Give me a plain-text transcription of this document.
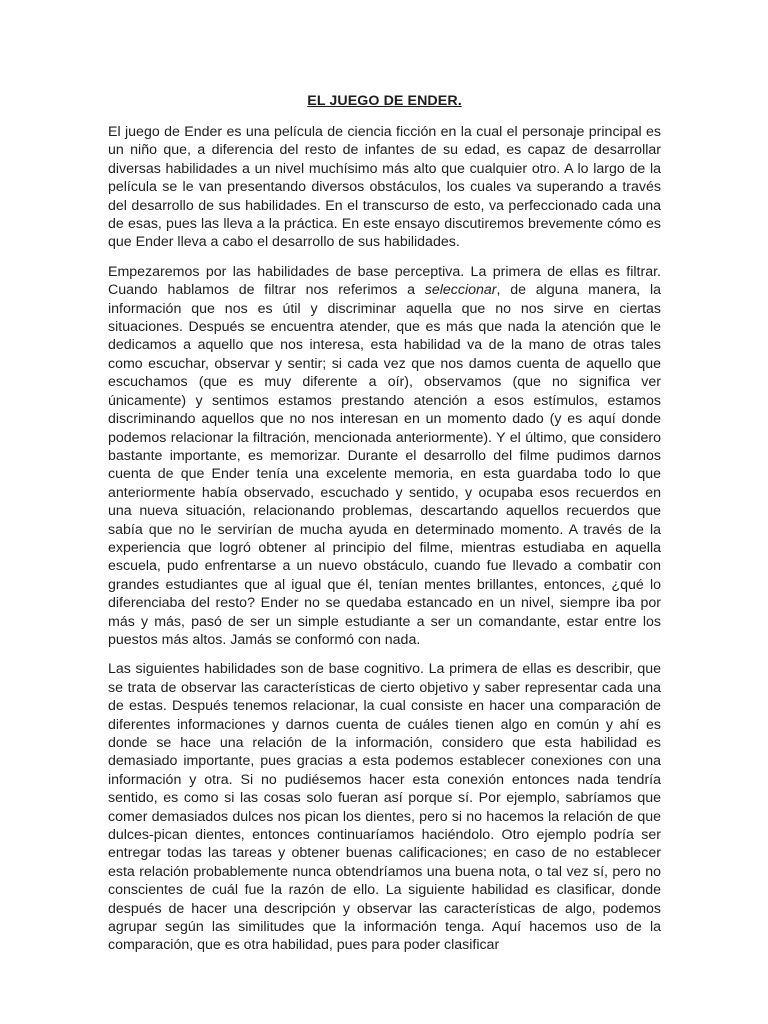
EL JUEGO DE ENDER.

El juego de Ender es una película de ciencia ficción en la cual el personaje principal es un niño que, a diferencia del resto de infantes de su edad, es capaz de desarrollar diversas habilidades a un nivel muchísimo más alto que cualquier otro. A lo largo de la película se le van presentando diversos obstáculos, los cuales va superando a través del desarrollo de sus habilidades. En el transcurso de esto, va perfeccionado cada una de esas, pues las lleva a la práctica. En este ensayo discutiremos brevemente cómo es que Ender lleva a cabo el desarrollo de sus habilidades.

Empezaremos por las habilidades de base perceptiva. La primera de ellas es filtrar. Cuando hablamos de filtrar nos referimos a seleccionar, de alguna manera, la información que nos es útil y discriminar aquella que no nos sirve en ciertas situaciones. Después se encuentra atender, que es más que nada la atención que le dedicamos a aquello que nos interesa, esta habilidad va de la mano de otras tales como escuchar, observar y sentir; si cada vez que nos damos cuenta de aquello que escuchamos (que es muy diferente a oír), observamos (que no significa ver únicamente) y sentimos estamos prestando atención a esos estímulos, estamos discriminando aquellos que no nos interesan en un momento dado (y es aquí donde podemos relacionar la filtración, mencionada anteriormente). Y el último, que considero bastante importante, es memorizar. Durante el desarrollo del filme pudimos darnos cuenta de que Ender tenía una excelente memoria, en esta guardaba todo lo que anteriormente había observado, escuchado y sentido, y ocupaba esos recuerdos en una nueva situación, relacionando problemas, descartando aquellos recuerdos que sabía que no le servirían de mucha ayuda en determinado momento. A través de la experiencia que logró obtener al principio del filme, mientras estudiaba en aquella escuela, pudo enfrentarse a un nuevo obstáculo, cuando fue llevado a combatir con grandes estudiantes que al igual que él, tenían mentes brillantes, entonces, ¿qué lo diferenciaba del resto? Ender no se quedaba estancado en un nivel, siempre iba por más y más, pasó de ser un simple estudiante a ser un comandante, estar entre los puestos más altos. Jamás se conformó con nada.

Las siguientes habilidades son de base cognitivo. La primera de ellas es describir, que se trata de observar las características de cierto objetivo y saber representar cada una de estas. Después tenemos relacionar, la cual consiste en hacer una comparación de diferentes informaciones y darnos cuenta de cuáles tienen algo en común y ahí es donde se hace una relación de la información, considero que esta habilidad es demasiado importante, pues gracias a esta podemos establecer conexiones con una información y otra. Si no pudiésemos hacer esta conexión entonces nada tendría sentido, es como si las cosas solo fueran así porque sí. Por ejemplo, sabríamos que comer demasiados dulces nos pican los dientes, pero si no hacemos la relación de que dulces-pican dientes, entonces continuaríamos haciéndolo. Otro ejemplo podría ser entregar todas las tareas y obtener buenas calificaciones; en caso de no establecer esta relación probablemente nunca obtendríamos una buena nota, o tal vez sí, pero no conscientes de cuál fue la razón de ello. La siguiente habilidad es clasificar, donde después de hacer una descripción y observar las características de algo, podemos agrupar según las similitudes que la información tenga. Aquí hacemos uso de la comparación, que es otra habilidad, pues para poder clasificar
